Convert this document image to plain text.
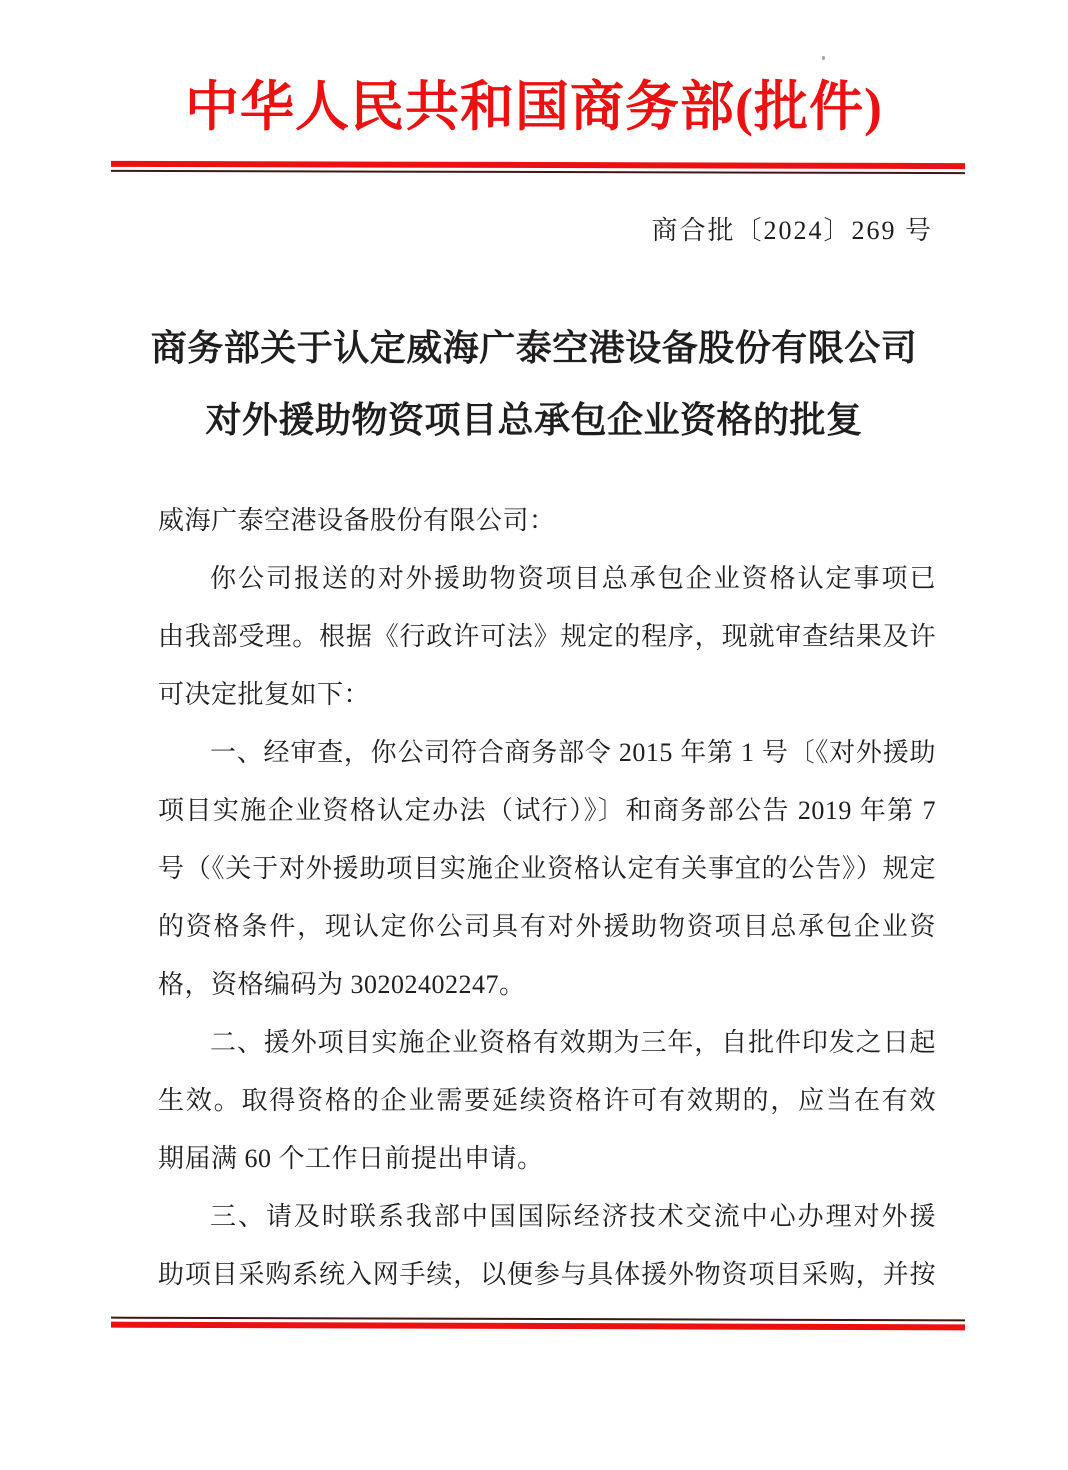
中华人民共和国商务部(批件)
商合批〔2024〕269 号
商务部关于认定威海广泰空港设备股份有限公司
对外援助物资项目总承包企业资格的批复
威海广泰空港设备股份有限公司：
你公司报送的对外援助物资项目总承包企业资格认定事项已
由我部受理。根据《行政许可法》规定的程序，现就审查结果及许
可决定批复如下：
一、经审查，你公司符合商务部令 2015 年第 1 号〔《对外援助
项目实施企业资格认定办法（试行）》〕和商务部公告 2019 年第 7
号（《关于对外援助项目实施企业资格认定有关事宜的公告》）规定
的资格条件，现认定你公司具有对外援助物资项目总承包企业资
格，资格编码为 30202402247。
二、援外项目实施企业资格有效期为三年，自批件印发之日起
生效。取得资格的企业需要延续资格许可有效期的，应当在有效
期届满 60 个工作日前提出申请。
三、请及时联系我部中国国际经济技术交流中心办理对外援
助项目采购系统入网手续，以便参与具体援外物资项目采购，并按
